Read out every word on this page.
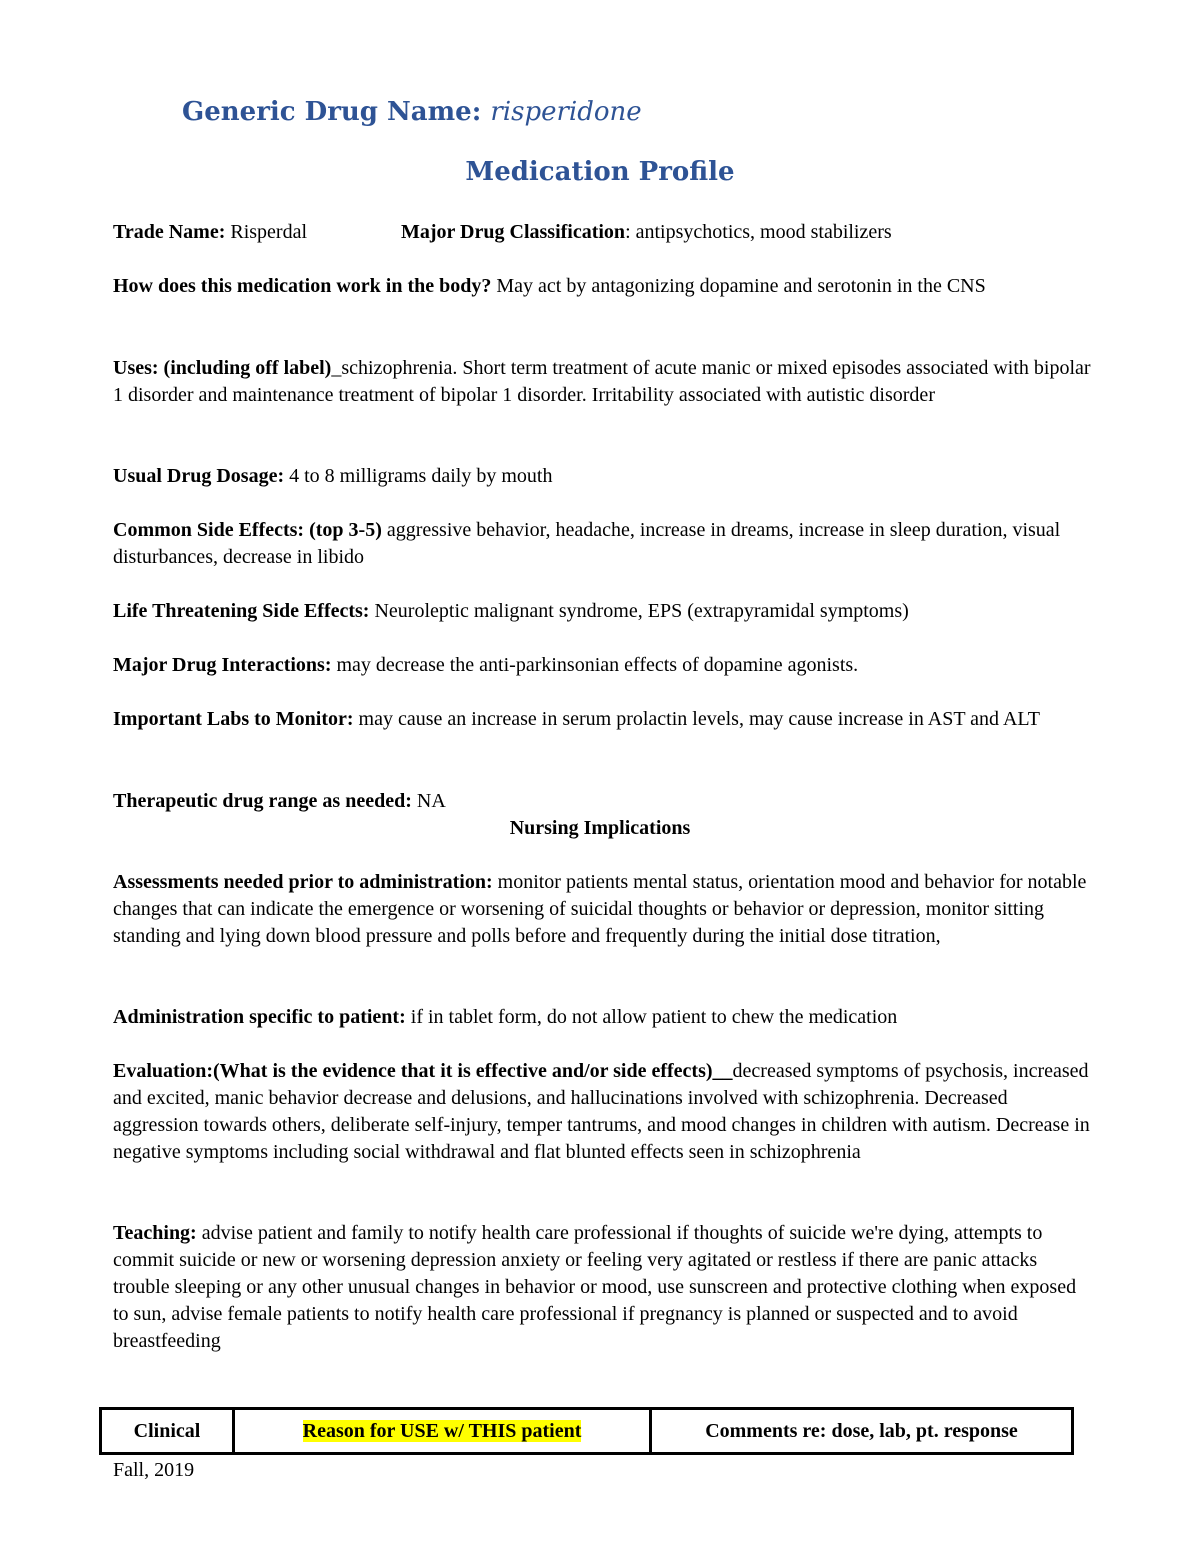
Generic Drug Name: risperidone
Medication Profile
Trade Name: Risperdal	Major Drug Classification: antipsychotics, mood stabilizers
How does this medication work in the body? May act by antagonizing dopamine and serotonin in the CNS
Uses: (including off label)_schizophrenia. Short term treatment of acute manic or mixed episodes associated with bipolar 1 disorder and maintenance treatment of bipolar 1 disorder. Irritability associated with autistic disorder
Usual Drug Dosage: 4 to 8 milligrams daily by mouth
Common Side Effects: (top 3-5) aggressive behavior, headache, increase in dreams, increase in sleep duration, visual disturbances, decrease in libido
Life Threatening Side Effects: Neuroleptic malignant syndrome, EPS (extrapyramidal symptoms)
Major Drug Interactions: may decrease the anti-parkinsonian effects of dopamine agonists.
Important Labs to Monitor: may cause an increase in serum prolactin levels, may cause increase in AST and ALT
Therapeutic drug range as needed: NA
Nursing Implications
Assessments needed prior to administration: monitor patients mental status, orientation mood and behavior for notable changes that can indicate the emergence or worsening of suicidal thoughts or behavior or depression, monitor sitting standing and lying down blood pressure and polls before and frequently during the initial dose titration,
Administration specific to patient: if in tablet form, do not allow patient to chew the medication
Evaluation:(What is the evidence that it is effective and/or side effects)__decreased symptoms of psychosis, increased and excited, manic behavior decrease and delusions, and hallucinations involved with schizophrenia. Decreased aggression towards others, deliberate self-injury, temper tantrums, and mood changes in children with autism. Decrease in negative symptoms including social withdrawal and flat blunted effects seen in schizophrenia
Teaching: advise patient and family to notify health care professional if thoughts of suicide we're dying, attempts to commit suicide or new or worsening depression anxiety or feeling very agitated or restless if there are panic attacks trouble sleeping or any other unusual changes in behavior or mood, use sunscreen and protective clothing when exposed to sun, advise female patients to notify health care professional if pregnancy is planned or suspected and to avoid breastfeeding
Clinical	Reason for USE w/ THIS patient	Comments re: dose, lab, pt. response
Fall, 2019
